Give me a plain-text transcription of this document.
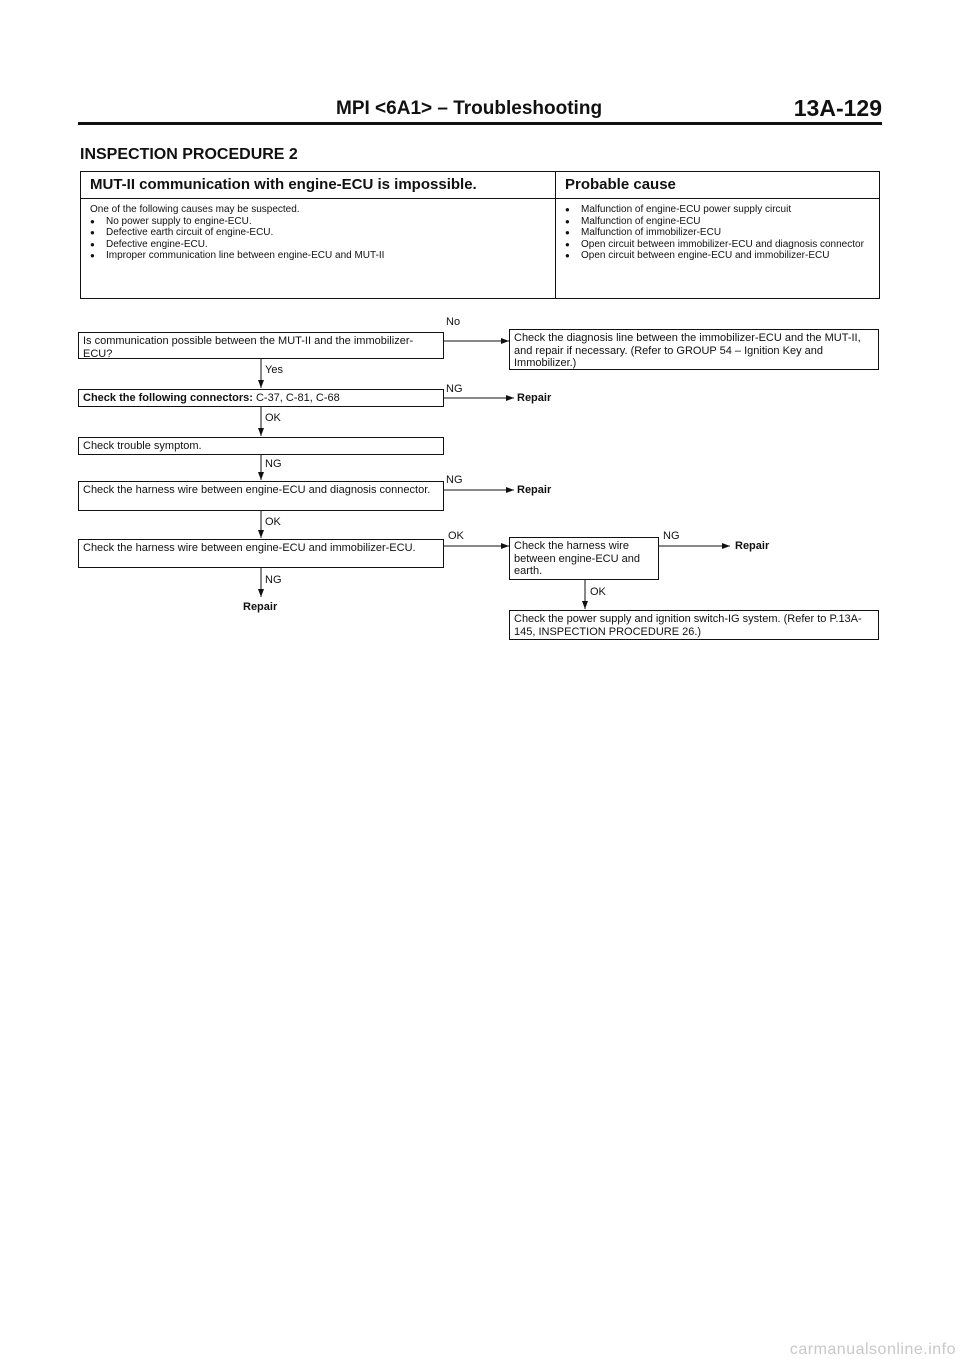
MPI <6A1> – Troubleshooting	13A-129
INSPECTION PROCEDURE 2
MUT-II communication with engine-ECU is impossible.	Probable cause

One of the following causes may be suspected.

● No power supply to engine-ECU.
● Defective earth circuit of engine-ECU.
● Defective engine-ECU.
● Improper communication line between engine-ECU and MUT-II
● Malfunction of engine-ECU power supply circuit
● Malfunction of engine-ECU
● Malfunction of immobilizer-ECU
● Open circuit between immobilizer-ECU and diagnosis connector
● Open circuit between engine-ECU and immobilizer-ECU
Is communication possible between the MUT-II and the immobilizer-ECU?
No
Check the diagnosis line between the immobilizer-ECU and the MUT-II, and repair if necessary. (Refer to GROUP 54 – Ignition Key and Immobilizer.)
Yes
Check the following connectors: C-37, C-81, C-68
NG
Repair
OK
Check trouble symptom.
NG
Check the harness wire between engine-ECU and diagnosis connector.
NG
Repair
OK
Check the harness wire between engine-ECU and immobilizer-ECU.
OK
NG
Repair
Check the harness wire between engine-ECU and earth.
NG
Repair
OK
Check the power supply and ignition switch-IG system. (Refer to P.13A-145, INSPECTION PROCEDURE 26.)
carmanualsonline.info
